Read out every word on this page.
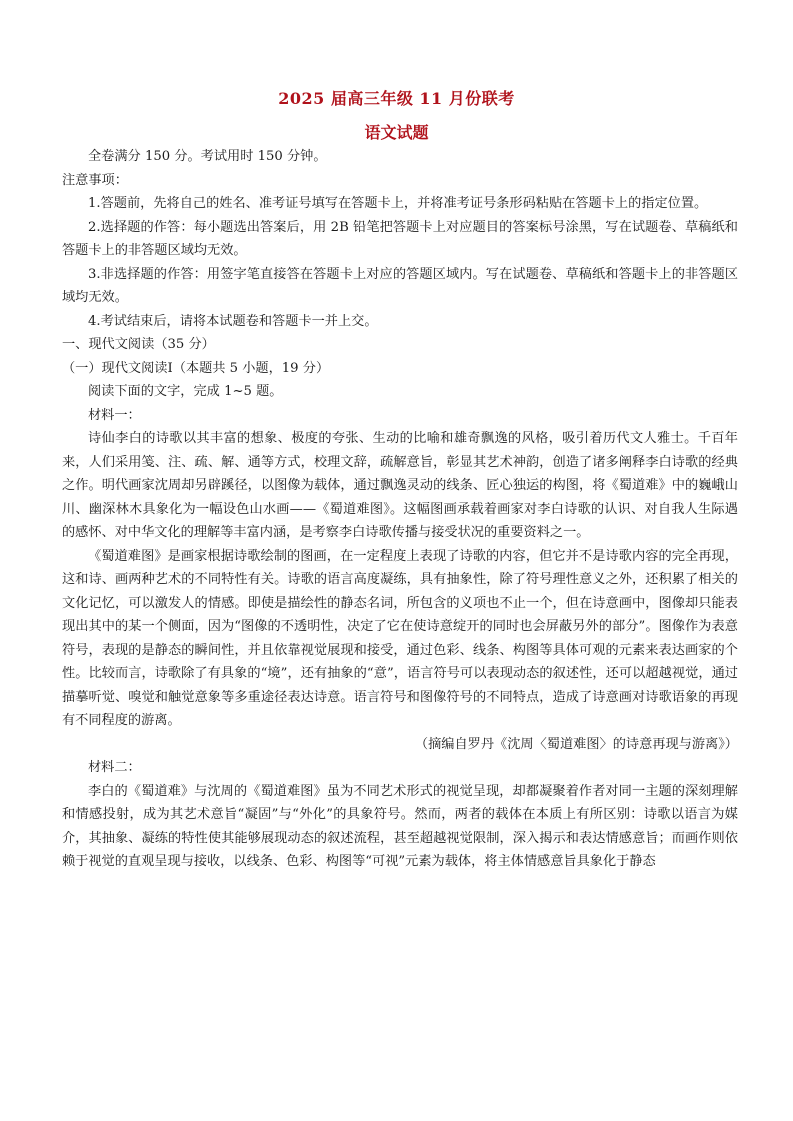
2025 届高三年级 11 月份联考
语文试题

全卷满分 150 分。考试用时 150 分钟。

注意事项：

1.答题前，先将自己的姓名、准考证号填写在答题卡上，并将准考证号条形码粘贴在答题卡上的指定位置。

2.选择题的作答：每小题选出答案后，用 2B 铅笔把答题卡上对应题目的答案标号涂黑，写在试题卷、草稿纸和答题卡上的非答题区域均无效。

3.非选择题的作答：用签字笔直接答在答题卡上对应的答题区域内。写在试题卷、草稿纸和答题卡上的非答题区域均无效。

4.考试结束后，请将本试题卷和答题卡一并上交。

一、现代文阅读（35 分）

（一）现代文阅读Ⅰ（本题共 5 小题，19 分）

阅读下面的文字，完成 1~5 题。

材料一：

诗仙李白的诗歌以其丰富的想象、极度的夸张、生动的比喻和雄奇飘逸的风格，吸引着历代文人雅士。千百年来，人们采用笺、注、疏、解、通等方式，校理文辞，疏解意旨，彰显其艺术神韵，创造了诸多阐释李白诗歌的经典之作。明代画家沈周却另辟蹊径，以图像为载体，通过飘逸灵动的线条、匠心独运的构图，将《蜀道难》中的巍峨山川、幽深林木具象化为一幅设色山水画——《蜀道难图》。这幅图画承载着画家对李白诗歌的认识、对自我人生际遇的感怀、对中华文化的理解等丰富内涵，是考察李白诗歌传播与接受状况的重要资料之一。

《蜀道难图》是画家根据诗歌绘制的图画，在一定程度上表现了诗歌的内容，但它并不是诗歌内容的完全再现，这和诗、画两种艺术的不同特性有关。诗歌的语言高度凝练，具有抽象性，除了符号理性意义之外，还积累了相关的文化记忆，可以激发人的情感。即使是描绘性的静态名词，所包含的义项也不止一个，但在诗意画中，图像却只能表现出其中的某一个侧面，因为“图像的不透明性，决定了它在使诗意绽开的同时也会屏蔽另外的部分”。图像作为表意符号，表现的是静态的瞬间性，并且依靠视觉展现和接受，通过色彩、线条、构图等具体可观的元素来表达画家的个性。比较而言，诗歌除了有具象的“境”，还有抽象的“意”，语言符号可以表现动态的叙述性，还可以超越视觉，通过描摹听觉、嗅觉和触觉意象等多重途径表达诗意。语言符号和图像符号的不同特点，造成了诗意画对诗歌语象的再现有不同程度的游离。

（摘编自罗丹《沈周〈蜀道难图〉的诗意再现与游离》）

材料二：

李白的《蜀道难》与沈周的《蜀道难图》虽为不同艺术形式的视觉呈现，却都凝聚着作者对同一主题的深刻理解和情感投射，成为其艺术意旨“凝固”与“外化”的具象符号。然而，两者的载体在本质上有所区别：诗歌以语言为媒介，其抽象、凝练的特性使其能够展现动态的叙述流程，甚至超越视觉限制，深入揭示和表达情感意旨；而画作则依赖于视觉的直观呈现与接收，以线条、色彩、构图等“可视”元素为载体，将主体情感意旨具象化于静态
